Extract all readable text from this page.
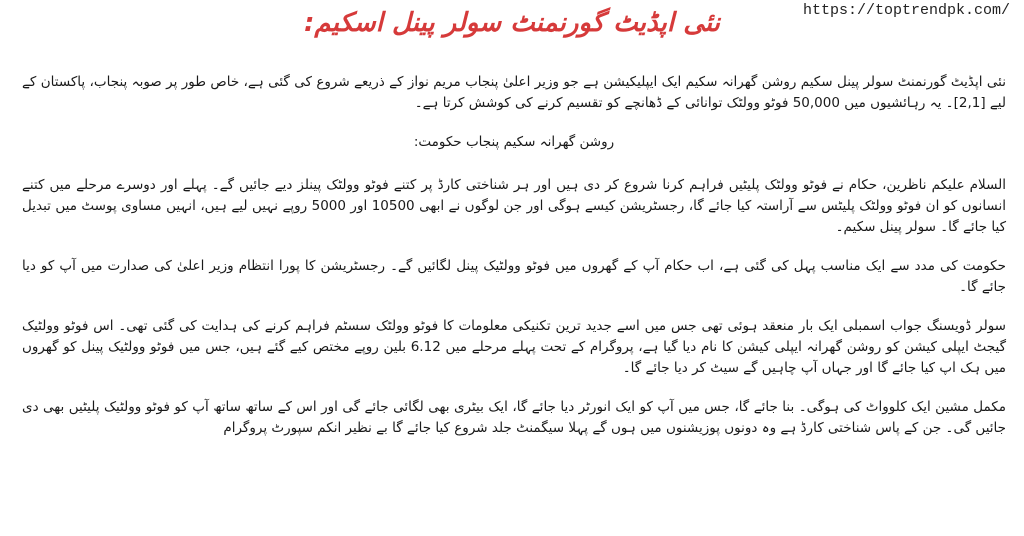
https://toptrendpk.com/
نئی اپڈیٹ گورنمنٹ سولر پینل اسکیم:

نئی اپڈیٹ گورنمنٹ سولر پینل سکیم روشن گھرانہ سکیم ایک ایپلیکیشن ہے جو وزیر اعلیٰ پنجاب مریم نواز کے ذریعے شروع کی گئی ہے، خاص طور پر صوبہ پنجاب، پاکستان کے لیے [2,1]۔ یہ رہائشیوں میں 50,000 فوٹو وولٹک توانائی کے ڈھانچے کو تقسیم کرنے کی کوشش کرتا ہے۔

روشن گھرانہ سکیم پنجاب حکومت:

السلام علیکم ناظرین، حکام نے فوٹو وولٹک پلیٹیں فراہم کرنا شروع کر دی ہیں اور ہر شناختی کارڈ پر کتنے فوٹو وولٹک پینلز دیے جائیں گے۔ پہلے اور دوسرے مرحلے میں کتنے انسانوں کو ان فوٹو وولٹک پلیٹس سے آراستہ کیا جائے گا، رجسٹریشن کیسے ہوگی اور جن لوگوں نے ابھی 10500 اور 5000 روپے نہیں لیے ہیں، انہیں مساوی پوسٹ میں تبدیل کیا جائے گا۔ سولر پینل سکیم۔

حکومت کی مدد سے ایک مناسب پہل کی گئی ہے، اب حکام آپ کے گھروں میں فوٹو وولٹیک پینل لگائیں گے۔ رجسٹریشن کا پورا انتظام وزیر اعلیٰ کی صدارت میں آپ کو دیا جائے گا۔

سولر ڈویسنگ جواب اسمبلی ایک بار منعقد ہوئی تھی جس میں اسے جدید ترین تکنیکی معلومات کا فوٹو وولٹک سسٹم فراہم کرنے کی ہدایت کی گئی تھی۔ اس فوٹو وولٹیک گیجٹ ایپلی کیشن کو روشن گھرانہ ایپلی کیشن کا نام دیا گیا ہے، پروگرام کے تحت پہلے مرحلے میں 6.12 بلین روپے مختص کیے گئے ہیں، جس میں فوٹو وولٹیک پینل کو گھروں میں ہک اپ کیا جائے گا اور جہاں آپ چاہیں گے سیٹ کر دیا جائے گا۔

مکمل مشین ایک کلوواٹ کی ہوگی۔ بنا جائے گا، جس میں آپ کو ایک انورٹر دیا جائے گا، ایک بیٹری بھی لگائی جائے گی اور اس کے ساتھ ساتھ آپ کو فوٹو وولٹیک پلیٹیں بھی دی جائیں گی۔ جن کے پاس شناختی کارڈ ہے وہ دونوں پوزیشنوں میں ہوں گے پہلا سیگمنٹ جلد شروع کیا جائے گا بے نظیر انکم سپورٹ پروگرام
